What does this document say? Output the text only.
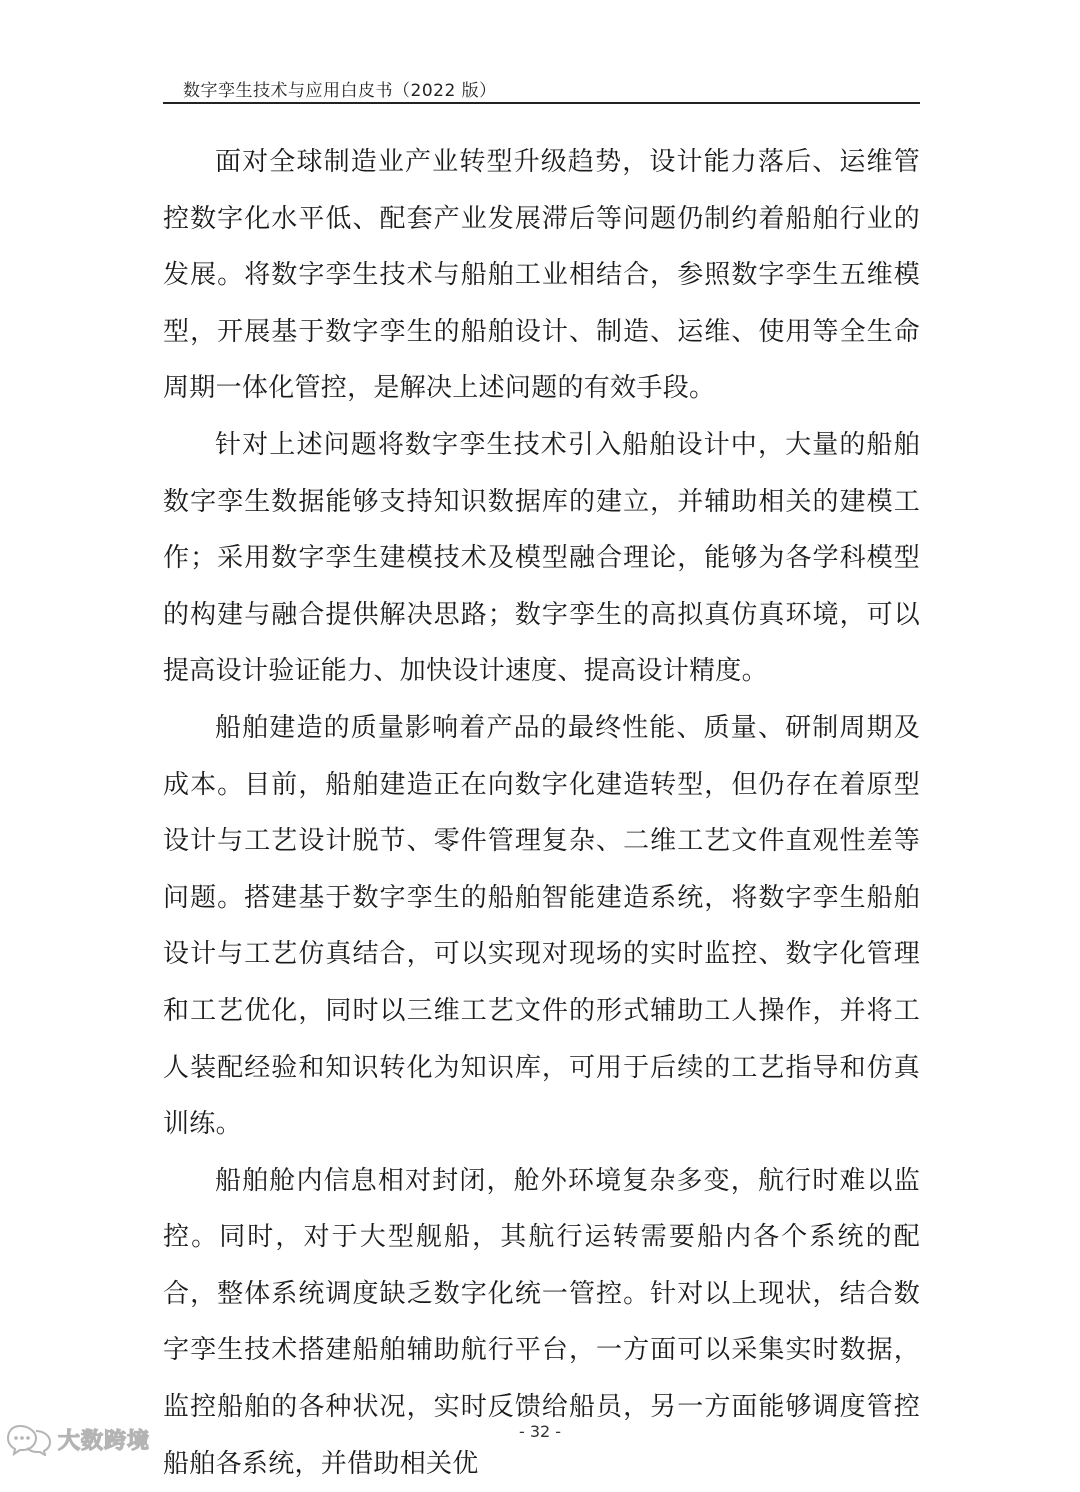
数字孪生技术与应用白皮书（2022 版）

面对全球制造业产业转型升级趋势，设计能力落后、运维管控数字化水平低、配套产业发展滞后等问题仍制约着船舶行业的发展。将数字孪生技术与船舶工业相结合，参照数字孪生五维模型，开展基于数字孪生的船舶设计、制造、运维、使用等全生命周期一体化管控，是解决上述问题的有效手段。

针对上述问题将数字孪生技术引入船舶设计中，大量的船舶数字孪生数据能够支持知识数据库的建立，并辅助相关的建模工作；采用数字孪生建模技术及模型融合理论，能够为各学科模型的构建与融合提供解决思路；数字孪生的高拟真仿真环境，可以提高设计验证能力、加快设计速度、提高设计精度。

船舶建造的质量影响着产品的最终性能、质量、研制周期及成本。目前，船舶建造正在向数字化建造转型，但仍存在着原型设计与工艺设计脱节、零件管理复杂、二维工艺文件直观性差等问题。搭建基于数字孪生的船舶智能建造系统，将数字孪生船舶设计与工艺仿真结合，可以实现对现场的实时监控、数字化管理和工艺优化，同时以三维工艺文件的形式辅助工人操作，并将工人装配经验和知识转化为知识库，可用于后续的工艺指导和仿真训练。

船舶舱内信息相对封闭，舱外环境复杂多变，航行时难以监控。同时，对于大型舰船，其航行运转需要船内各个系统的配合，整体系统调度缺乏数字化统一管控。针对以上现状，结合数字孪生技术搭建船舶辅助航行平台，一方面可以采集实时数据，监控船舶的各种状况，实时反馈给船员，另一方面能够调度管控船舶各系统，并借助相关优

- 32 -
大数跨境
